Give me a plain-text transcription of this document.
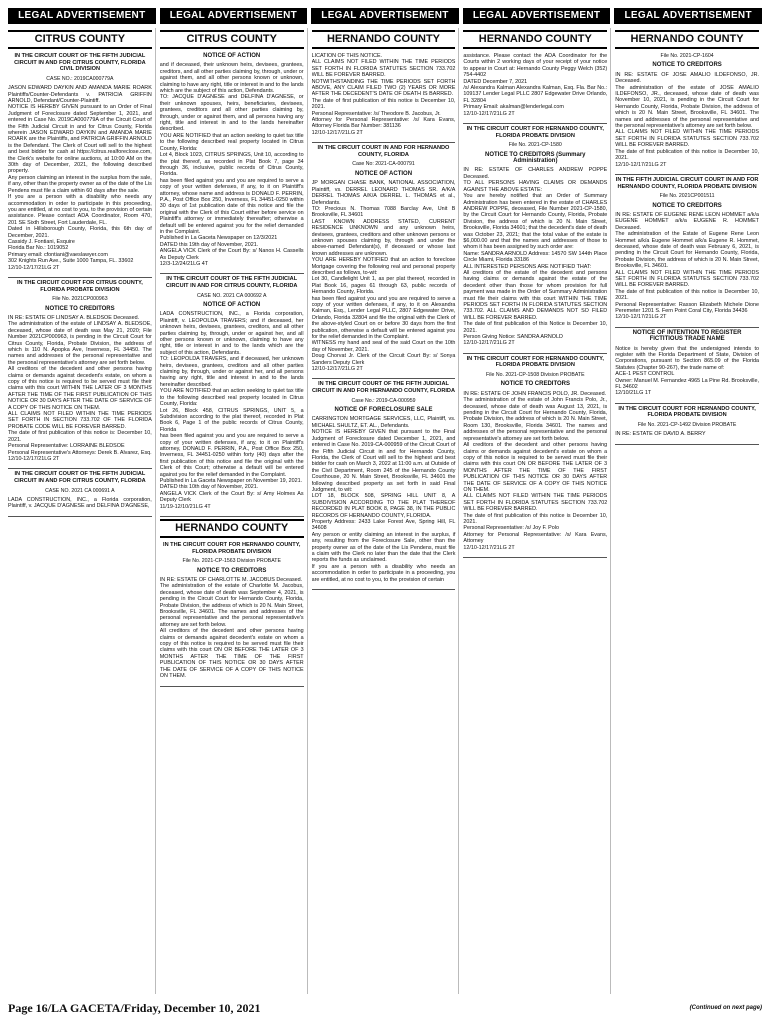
LEGAL ADVERTISEMENT	LEGAL ADVERTISEMENT	LEGAL ADVERTISEMENT	LEGAL ADVERTISEMENT	LEGAL ADVERTISEMENT
CITRUS COUNTY

IN THE CIRCUIT COURT OF THE FIFTH JUDICIAL CIRCUIT IN AND FOR CITRUS COUNTY, FLORIDA CIVIL DIVISION

CASE NO.: 2019CA000779A

JASON EDWARD DAYKIN AND AMANDA MARIE ROARK Plaintiffs/Counter-Defendants v. PATRICIA GRIFFIN ARNOLD, Defendant/Counter-Plaintiff.
NOTICE IS HEREBY GIVEN pursuant to an Order of Final Judgment of Foreclosure dated September 1, 2021, and entered in Case No. 2019CA000779A of the Circuit Court of the Fifth Judicial Circuit in and for Citrus County, Florida wherein JASON EDWARD DAYKIN and AMANDA MARIE ROARK are the Plaintiffs, and PATRICIA GRIFFIN ARNOLD is the Defendant. The Clerk of Court will sell to the highest and best bidder for cash at https://citrus.realforeclose.com, the Clerk's website for online auctions, at 10:00 AM on the 30th day of December, 2021, the following described property.
Any person claiming an interest in the surplus from the sale, if any, other than the property owner as of the date of the Lis Pendens must file a claim within 60 days after the sale.
If you are a person with a disability who needs any accommodation in order to participate in this proceeding, you are entitled, at no cost to you, to the provision of certain assistance. Please contact ADA Coordinator, Room 470, 201 SE Sixth Street, Fort Lauderdale, FL.
Dated in Hillsborough County, Florida, this 6th day of December, 2021.
Cassidy J. Fontiani, Esquire
Florida Bar No.: 1019052
Primary email: cfontiani@vaeslawyer.com
302 Knights Run Ave., Suite 1000 Tampa, FL. 33602
12/10-12/17/21LG 2T

IN THE CIRCUIT COURT FOR CITRUS COUNTY, FLORIDA PROBATE DIVISION

File No. 2021CP000963

NOTICE TO CREDITORS

IN RE: ESTATE OF LINDSAY A. BLEDSOE Deceased.
The administration of the estate of LINDSAY A. BLEDSOE, deceased, whose date of death was May 21, 2020; File Number 2021CP000963, is pending in the Circuit Court for Citrus County, Florida, Probate Division, the address of which is 110 N. Apopka Ave, Inverness, FL 34450. The names and addresses of the personal representative and the personal representative's attorney are set forth below.
All creditors of the decedent and other persons having claims or demands against decedent's estate, on whom a copy of this notice is required to be served must file their claims with this court WITHIN THE LATER OF 3 MONTHS AFTER THE TIME OF THE FIRST PUBLICATION OF THIS NOTICE OR 30 DAYS AFTER THE DATE OF SERVICE OF A COPY OF THIS NOTICE ON THEM.
ALL CLAIMS NOT FILED WITHIN THE TIME PERIODS SET FORTH IN SECTION 733.702 OF THE FLORIDA PROBATE CODE WILL BE FOREVER BARRED.
The date of first publication of this notice is: December 10, 2021.
Personal Representative: LORRAINE BLEDSOE
Personal Representative's Attorneys: Derek B. Alvarez, Esq.
12/10-12/17/21LG 2T

IN THE CIRCUIT COURT OF THE FIFTH JUDICIAL CIRCUIT IN AND FOR CITRUS COUNTY, FLORIDA

CASE NO. 2021 CA 000691 A

LADA CONSTRUCTION, INC., a Florida corporation, Plaintiff, v. JACQUE D'AGNESE and DELFINA D'AGNESE,

CITRUS COUNTY

NOTICE OF ACTION

and if deceased, their unknown heirs, devisees, grantees, creditors, and all other parties claiming by, through, under or against them, and all other persons known or unknown, claiming to have any right, title or interest in and to the lands which are the subject of this action, Defendants.
TO: JACQUE D'AGNESE and DELFINA D'AGNESE, or their unknown spouses, heirs, beneficiaries, devisees, grantees, creditors and all other parties claiming by, through, under or against them, and all persons having any right, title and interest in and to the lands hereinafter described.
YOU ARE NOTIFIED that an action seeking to quiet tax title to the following described real property located in Citrus County, Florida:
Lot 4, Block 1023, CITRUS SPRINGS, Unit 10, according to the plat thereof, as recorded in Plat Book 7, page 34 through 36, inclusive, public records of Citrus County, Florida.
has been filed against you and you are required to serve a copy of your written defenses, if any, to it on Plaintiff's attorney, whose name and address is DONALD F. PERRIN, P.A., Post Office Box 250, Inverness, FL 34451-0250 within 30 days of 1st publication date of this notice and file the original with the Clerk of this Court either before service on Plaintiff's attorney or immediately thereafter; otherwise a default will be entered against you for the relief demanded in the Complaint.
Published in La Gaceta Newspaper on 12/3/2021
DATED this 19th day of November, 2021.
ANGELA VICK Clerk of the Court By: s/ Nanos H. Cassells As Deputy Clerk
12/3-12/24/21LG 4T

IN THE CIRCUIT COURT OF THE FIFTH JUDICIAL CIRCUIT IN AND FOR CITRUS COUNTY, FLORIDA

CASE NO. 2021 CA 000692 A

NOTICE OF ACTION

LADA CONSTRUCTION, INC., a Florida corporation, Plaintiff, v. LEOPOLDA TRAVERS; and if deceased, her unknown heirs, devisees, grantees, creditors, and all other parties claiming by, through, under or against her, and all other persons known or unknown, claiming to have any right, title or interest in and to the lands which are the subject of this action, Defendants.
TO: LEOPOLDA TRAVERS, and if deceased, her unknown heirs, devisees, grantees, creditors and all other parties claiming by, through, under or against her, and all persons having any right, title and interest in and to the lands hereinafter described.
YOU ARE NOTIFIED that an action seeking to quiet tax title to the following described real property located in Citrus County, Florida:
Lot 26, Block 458, CITRUS SPRINGS, UNIT 5, a Subdivision according to the plat thereof, recorded in Plat Book 6, Page 1 of the public records of Citrus County, Florida
has been filed against you and you are required to serve a copy of your written defenses, if any, to it on Plaintiff's attorney, DONALD F. PERRIN, P.A., Post Office Box 250, Inverness, FL 34451-0250 within forty (40) days after the first publication of this notice and file the original with the Clerk of this Court; otherwise a default will be entered against you for the relief demanded in the Complaint.
Published in La Gaceta Newspaper on November 19, 2021.
DATED this 10th day of November, 2021.
ANGELA VICK Clerk of the Court By: s/ Amy Holmes As Deputy Clerk
11/19-12/10/21LG 4T

HERNANDO COUNTY

IN THE CIRCUIT COURT FOR HERNANDO COUNTY, FLORIDA PROBATE DIVISION

File No. 2021-CP-1563 Division PROBATE

NOTICE TO CREDITORS

IN RE: ESTATE OF CHARLOTTE M. JACOBUS Deceased.
The administration of the estate of Charlotte M. Jacobus, deceased, whose date of death was September 4, 2021, is pending in the Circuit Court for Hernando County, Florida, Probate Division, the address of which is 20 N. Main Street, Brooksville, FL 34601. The names and addresses of the personal representative and the personal representative's attorney are set forth below.
All creditors of the decedent and other persons having claims or demands against decedent's estate on whom a copy of this notice is required to be served must file their claims with this court ON OR BEFORE THE LATER OF 3 MONTHS AFTER THE TIME OF THE FIRST PUBLICATION OF THIS NOTICE OR 30 DAYS AFTER THE DATE OF SERVICE OF A COPY OF THIS NOTICE ON THEM.

HERNANDO COUNTY

LICATION OF THIS NOTICE.
ALL CLAIMS NOT FILED WITHIN THE TIME PERIODS SET FORTH IN FLORIDA STATUTES SECTION 733.702 WILL BE FOREVER BARRED.
NOTWITHSTANDING THE TIME PERIODS SET FORTH ABOVE, ANY CLAIM FILED TWO (2) YEARS OR MORE AFTER THE DECEDENT'S DATE OF DEATH IS BARRED.
The date of first publication of this notice is December 10, 2021.
Personal Representative: /s/ Theodore B. Jacobus, Jr.
Attorney for Personal Representative: /s/ Kara Evans, Attorney Florida Bar Number: 381136
12/10-12/17/21LG 2T

IN THE CIRCUIT COURT IN AND FOR HERNANDO COUNTY, FLORIDA

Case No: 2021-CA-000791

NOTICE OF ACTION

JP MORGAN CHASE BANK, NATIONAL ASSOCIATION, Plaintiff, vs. DERREL LEONARD THOMAS SR. A/K/A DERREL THOMAS A/K/A DERREL L. THOMAS et al., Defendants.
TO: Precious N. Thomas 7088 Barclay Ave, Unit B Brooksville, FL 34601
LAST KNOWN ADDRESS STATED, CURRENT RESIDENCE UNKNOWN and any unknown heirs, devisees, grantees, creditors and other unknown persons or unknown spouses claiming by, through and under the above-named Defendant(s), if deceased or whose last known addresses are unknown.
YOU ARE HEREBY NOTIFIED that an action to foreclose Mortgage covering the following real and personal property described as follows, to-wit:
Lot 30, Candlelight Unit 1, as per plat thereof, recorded in Plat Book 16, pages 61 through 63, public records of Hernando County, Florida.
has been filed against you and you are required to serve a copy of your written defenses, if any, to it on Alexandra Kalman, Esq., Lender Legal PLLC, 2807 Edgewater Drive, Orlando, Florida 32804 and file the original with the Clerk of the above-styled Court on or before 30 days from the first publication, otherwise a default will be entered against you for the relief demanded in the Complaint.
WITNESS my hand and seal of the said Court on the 10th day of November, 2021.
Doug Chorvat Jr. Clerk of the Circuit Court By: s/ Sonya Sanders Deputy Clerk
12/10-12/17/21LG 2T

IN THE CIRCUIT COURT OF THE FIFTH JUDICIAL CIRCUIT IN AND FOR HERNANDO COUNTY, FLORIDA

Case No.: 2019-CA-000959

NOTICE OF FORECLOSURE SALE

CARRINGTON MORTGAGE SERVICES, LLC, Plaintiff, vs. MICHAEL SHULTZ, ET. AL., Defendants.
NOTICE IS HEREBY GIVEN that pursuant to the Final Judgment of Foreclosure dated December 1, 2021, and entered in Case No. 2019-CA-000959 of the Circuit Court of the Fifth Judicial Circuit in and for Hernando County, Florida, the Clerk of Court will sell to the highest and best bidder for cash on March 3, 2022 at 11:00 a.m. at Outside of the Civil Department, Room 245 of the Hernando County Courthouse, 20 N. Main Street, Brooksville, FL 34601 the following described property as set forth in said Final Judgment, to wit:
LOT 18, BLOCK 508, SPRING HILL UNIT 8, A SUBDIVISION ACCORDING TO THE PLAT THEREOF RECORDED IN PLAT BOOK 8, PAGE 38, IN THE PUBLIC RECORDS OF HERNANDO COUNTY, FLORIDA.
Property Address: 2433 Lake Forest Ave, Spring Hill, FL 34608
Any person or entity claiming an interest in the surplus, if any, resulting from the Foreclosure Sale, other than the property owner as of the date of the Lis Pendens, must file a claim with the Clerk no later than the date that the Clerk reports the funds as unclaimed.
If you are a person with a disability who needs an accommodation in order to participate in a proceeding, you are entitled, at no cost to you, to the provision of certain

HERNANDO COUNTY

assistance. Please contact the ADA Coordinator for the Courts within 2 working days of your receipt of your notice to appear in Court at: Hernando County Peggy Welch (352) 754-4402
DATED December 7, 2021
/s/ Alexandra Kalman Alexandra Kalman, Esq. Fla. Bar No.: 109137 Lender Legal PLLC 2807 Edgewater Drive Orlando, FL 32804
Primary Email: akalman@lenderlegal.com
12/10-12/17/21LG 2T

IN THE CIRCUIT COURT FOR HERNANDO COUNTY, FLORIDA PROBATE DIVISION

File No. 2021-CP-1580

NOTICE TO CREDITORS (Summary Administration)

IN RE: ESTATE OF CHARLES ANDREW POPPE Deceased.
TO ALL PERSONS HAVING CLAIMS OR DEMANDS AGAINST THE ABOVE ESTATE:
You are hereby notified that an Order of Summary Administration has been entered in the estate of CHARLES ANDREW POPPE, deceased, File Number 2021-CP-1580, by the Circuit Court for Hernando County, Florida, Probate Division, the address of which is 20 N. Main Street, Brooksville, Florida 34601; that the decedent's date of death was October 23, 2021; that the total value of the estate is $6,000.00 and that the names and addresses of those to whom it has been assigned by such order are:
Name: SANDRA ARNOLD Address: 14570 SW 144th Place Circle Miami, Florida 33186
ALL INTERESTED PERSONS ARE NOTIFIED THAT:
All creditors of the estate of the decedent and persons having claims or demands against the estate of the decedent other than those for whom provision for full payment was made in the Order of Summary Administration must file their claims with this court WITHIN THE TIME PERIODS SET FORTH IN FLORIDA STATUTES SECTION 733.702. ALL CLAIMS AND DEMANDS NOT SO FILED WILL BE FOREVER BARRED.
The date of first publication of this Notice is December 10, 2021.
Person Giving Notice: SANDRA ARNOLD
12/10-12/17/21LG 2T

IN THE CIRCUIT COURT FOR HERNANDO COUNTY, FLORIDA PROBATE DIVISION

File No. 2021-CP-1508 Division PROBATE

NOTICE TO CREDITORS

IN RE: ESTATE OF JOHN FRANCIS POLO, JR. Deceased.
The administration of the estate of John Francis Polo, Jr., deceased, whose date of death was August 13, 2021, is pending in the Circuit Court for Hernando County, Florida, Probate Division, the address of which is 20 N. Main Street, Room 130, Brooksville, Florida 34601. The names and addresses of the personal representative and the personal representative's attorney are set forth below.
All creditors of the decedent and other persons having claims or demands against decedent's estate on whom a copy of this notice is required to be served must file their claims with this court ON OR BEFORE THE LATER OF 3 MONTHS AFTER THE TIME OF THE FIRST PUBLICATION OF THIS NOTICE OR 30 DAYS AFTER THE DATE OF SERVICE OF A COPY OF THIS NOTICE ON THEM.
ALL CLAIMS NOT FILED WITHIN THE TIME PERIODS SET FORTH IN FLORIDA STATUTES SECTION 733.702 WILL BE FOREVER BARRED.
The date of first publication of this notice is December 10, 2021.
Personal Representative: /s/ Joy F. Polo
Attorney for Personal Representative: /s/ Kara Evans, Attorney
12/10-12/17/21LG 2T

HERNANDO COUNTY

File No. 2021-CP-1604

NOTICE TO CREDITORS

IN RE: ESTATE OF JOSE AMALIO ILDEFONSO, JR. Deceased.
The administration of the estate of JOSE AMALIO ILDEFONSO, JR., deceased, whose date of death was November 10, 2021, is pending in the Circuit Court for Hernando County, Florida, Probate Division, the address of which is 20 N. Main Street, Brooksville, FL 34601. The names and addresses of the personal representative and the personal representative's attorney are set forth below.
ALL CLAIMS NOT FILED WITHIN THE TIME PERIODS SET FORTH IN FLORIDA STATUTES SECTION 733.702 WILL BE FOREVER BARRED.
The date of first publication of this notice is December 10, 2021.
12/10-12/17/21LG 2T

IN THE FIFTH JUDICIAL CIRCUIT COURT IN AND FOR HERNANDO COUNTY, FLORIDA PROBATE DIVISION

File No. 2021CP001511

NOTICE TO CREDITORS

IN RE: ESTATE OF EUGENE RENE LEON HOMMET a/k/a EUGENE HOMMET a/k/a EUGENE R. HOMMET Deceased.
The administration of the Estate of Eugene Rene Leon Hommet a/k/a Eugene Hommet a/k/a Eugene R. Hommet, deceased, whose date of death was February 6, 2021, is pending in the Circuit Court for Hernando County, Florida, Probate Division, the address of which is 20 N. Main Street, Brooksville, FL 34601.
ALL CLAIMS NOT FILED WITHIN THE TIME PERIODS SET FORTH IN FLORIDA STATUTES SECTION 733.702 WILL BE FOREVER BARRED.
The date of first publication of this notice is December 10, 2021.
Personal Representative: Rasson Elizabeth Michele Dione Peremeter 1201 S. Fern Point Coral City, Florida 34436
12/10-12/17/21LG 2T

NOTICE OF INTENTION TO REGISTER FICTITIOUS TRADE NAME

Notice is hereby given that the undersigned intends to register with the Florida Department of State, Division of Corporations, pursuant to Section 865.09 of the Florida Statutes (Chapter 90-267), the trade name of:
ACE-1 PEST CONTROL
Owner: Manuel M. Fernandez 4965 La Pine Rd. Brooksville, FL 34602
12/10/21LG 1T

IN THE CIRCUIT COURT FOR HERNANDO COUNTY, FLORIDA PROBATE DIVISION

File No. 2021-CP-1492 Division PROBATE

IN RE: ESTATE OF DAVID A. BERRY

Page 16/LA GACETA/Friday, December 10, 2021	(Continued on next page)
